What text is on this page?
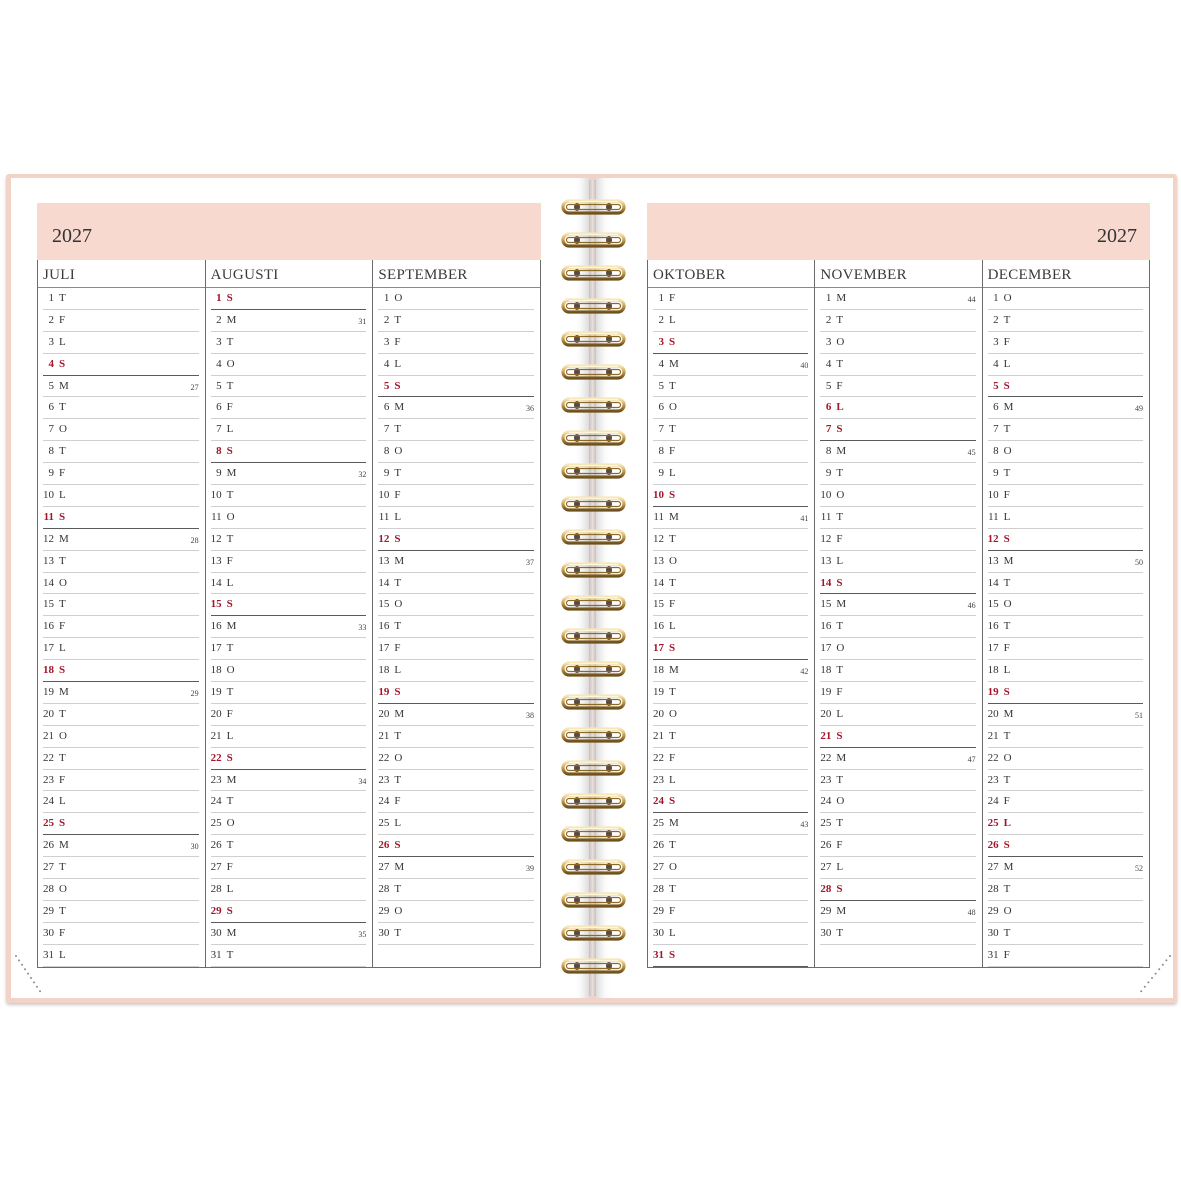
2027
JULI
1 T
2 F
3 L
4 S
5 M	27
6 T
7 O
8 T
9 F
10 L
11 S
12 M	28
13 T
14 O
15 T
16 F
17 L
18 S
19 M	29
20 T
21 O
22 T
23 F
24 L
25 S
26 M	30
27 T
28 O
29 T
30 F
31 L
AUGUSTI
1 S
2 M	31
3 T
4 O
5 T
6 F
7 L
8 S
9 M	32
10 T
11 O
12 T
13 F
14 L
15 S
16 M	33
17 T
18 O
19 T
20 F
21 L
22 S
23 M	34
24 T
25 O
26 T
27 F
28 L
29 S
30 M	35
31 T
SEPTEMBER
1 O
2 T
3 F
4 L
5 S
6 M	36
7 T
8 O
9 T
10 F
11 L
12 S
13 M	37
14 T
15 O
16 T
17 F
18 L
19 S
20 M	38
21 T
22 O
23 T
24 F
25 L
26 S
27 M	39
28 T
29 O
30 T
2027
OKTOBER
1 F
2 L
3 S
4 M	40
5 T
6 O
7 T
8 F
9 L
10 S
11 M	41
12 T
13 O
14 T
15 F
16 L
17 S
18 M	42
19 T
20 O
21 T
22 F
23 L
24 S
25 M	43
26 T
27 O
28 T
29 F
30 L
31 S
NOVEMBER
1 M	44
2 T
3 O
4 T
5 F
6 L
7 S
8 M	45
9 T
10 O
11 T
12 F
13 L
14 S
15 M	46
16 T
17 O
18 T
19 F
20 L
21 S
22 M	47
23 T
24 O
25 T
26 F
27 L
28 S
29 M	48
30 T
DECEMBER
1 O
2 T
3 F
4 L
5 S
6 M	49
7 T
8 O
9 T
10 F
11 L
12 S
13 M	50
14 T
15 O
16 T
17 F
18 L
19 S
20 M	51
21 T
22 O
23 T
24 F
25 L
26 S
27 M	52
28 T
29 O
30 T
31 F
